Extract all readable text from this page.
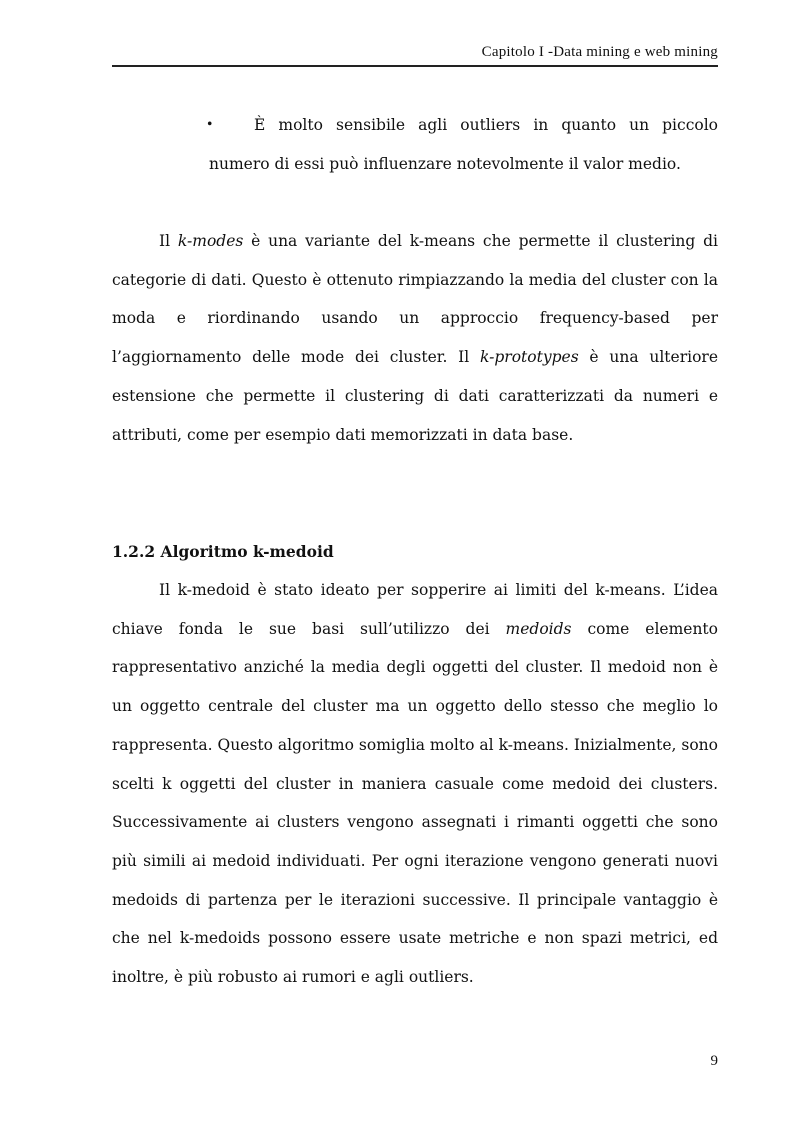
Capitolo I -Data mining e web mining
•	È molto sensibile agli outliers in quanto un piccolo numero di essi può influenzare notevolmente il valor medio.

Il k-modes è una variante del k-means che permette il clustering di categorie di dati. Questo è ottenuto rimpiazzando la media del cluster con la moda e riordinando usando un approccio frequency-based per l’aggiornamento delle mode dei cluster. Il k-prototypes è una ulteriore estensione che permette il clustering di dati caratterizzati da numeri e attributi, come per esempio dati memorizzati in data base.

1.2.2 Algoritmo k-medoid

Il k-medoid è stato ideato per sopperire ai limiti del k-means. L’idea chiave fonda le sue basi sull’utilizzo dei medoids come elemento rappresentativo anziché la media degli oggetti del cluster. Il medoid non è un oggetto centrale del cluster ma un oggetto dello stesso che meglio lo rappresenta. Questo algoritmo somiglia molto al k-means. Inizialmente, sono scelti k oggetti del cluster in maniera casuale come medoid dei clusters. Successivamente ai clusters vengono assegnati i rimanti oggetti che sono più simili ai medoid individuati. Per ogni iterazione vengono generati nuovi medoids di partenza per le iterazioni successive. Il principale vantaggio è che nel k-medoids possono essere usate metriche e non spazi metrici, ed inoltre, è più robusto ai rumori e agli outliers.

9
